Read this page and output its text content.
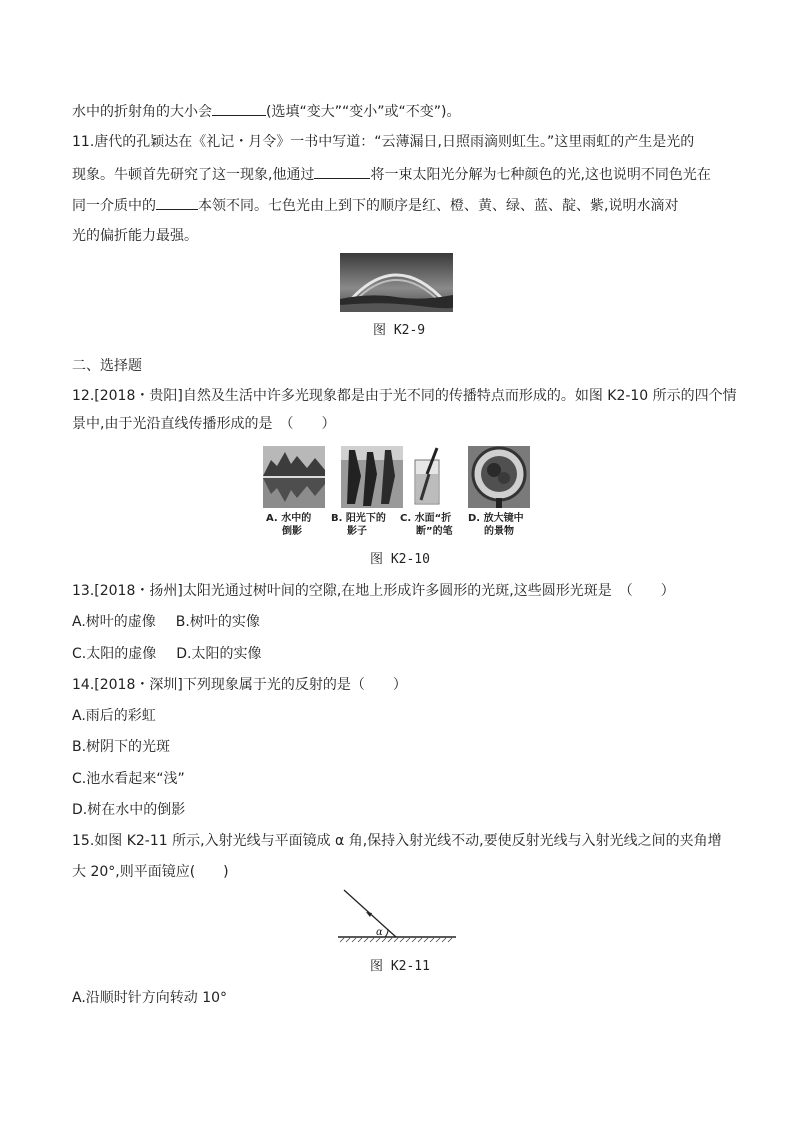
水中的折射角的大小会	(选填“变大”“变小”或“不变”)。
11.唐代的孔颖达在《礼记・月令》一书中写道：“云薄漏日,日照雨滴则虹生。”这里雨虹的产生是光的
现象。牛顿首先研究了这一现象,他通过	将一束太阳光分解为七种颜色的光,这也说明不同色光在
同一介质中的	本领不同。七色光由上到下的顺序是红、橙、黄、绿、蓝、靛、紫,说明水滴对
光的偏折能力最强。
图 K2-9
二、选择题
12.[2018・贵阳]自然及生活中许多光现象都是由于光不同的传播特点而形成的。如图 K2-10 所示的四个情
景中,由于光沿直线传播形成的是　（　　）
A. 水中的
倒影
B. 阳光下的
影子
C. 水面“折
断”的笔
D. 放大镜中
的景物
图 K2-10
13.[2018・扬州]太阳光通过树叶间的空隙,在地上形成许多圆形的光斑,这些圆形光斑是　（　　）
A.树叶的虚像 B.树叶的实像
C.太阳的虚像 D.太阳的实像
14.[2018・深圳]下列现象属于光的反射的是（　　）
A.雨后的彩虹
B.树阴下的光斑
C.池水看起来“浅”
D.树在水中的倒影
15.如图 K2-11 所示,入射光线与平面镜成 α 角,保持入射光线不动,要使反射光线与入射光线之间的夹角增
大 20°,则平面镜应(　　)
α
图 K2-11
A.沿顺时针方向转动 10°
